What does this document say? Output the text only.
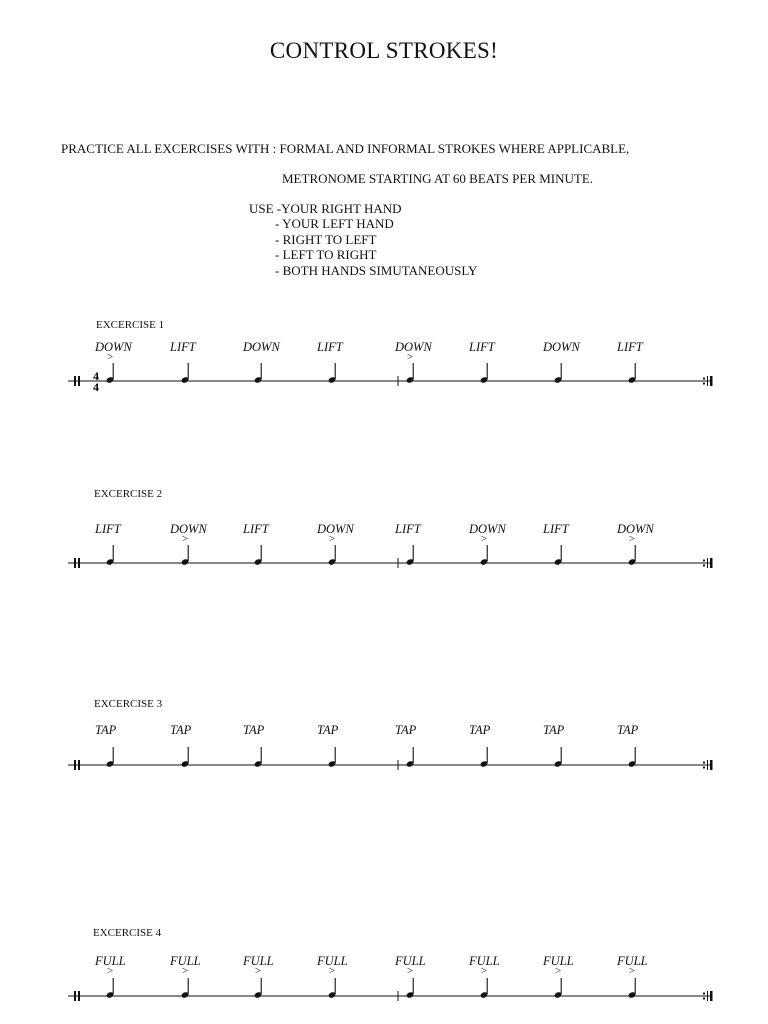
CONTROL STROKES!
PRACTICE ALL EXCERCISES WITH : FORMAL AND INFORMAL STROKES WHERE APPLICABLE,
METRONOME STARTING AT 60 BEATS PER MINUTE.
USE -YOUR RIGHT HAND
- YOUR LEFT HAND
- RIGHT TO LEFT
- LEFT TO RIGHT
- BOTH HANDS SIMUTANEOUSLY
EXCERCISE 1
DOWN
>
LIFT	DOWN	LIFT	DOWN
>
LIFT	DOWN	LIFT
4
4
EXCERCISE 2
LIFT	DOWN
>
LIFT	DOWN
>
LIFT	DOWN
>
LIFT	DOWN
>
EXCERCISE 3
TAP	TAP	TAP	TAP	TAP	TAP	TAP	TAP
EXCERCISE 4
FULL
>
FULL
>
FULL
>
FULL
>
FULL
>
FULL
>
FULL
>
FULL
>
